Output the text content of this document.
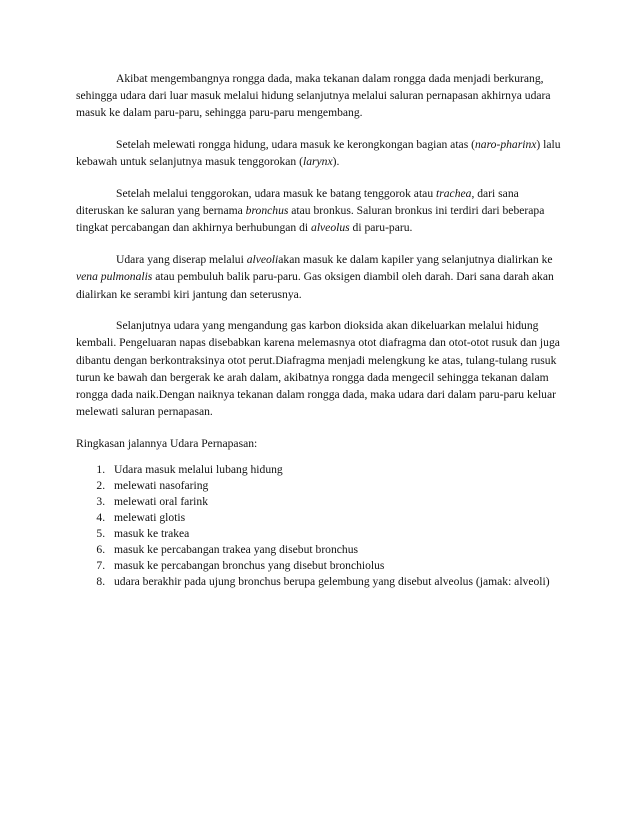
Akibat mengembangnya rongga dada, maka tekanan dalam rongga dada menjadi berkurang, sehingga udara dari luar masuk melalui hidung selanjutnya melalui saluran pernapasan akhirnya udara masuk ke dalam paru-paru, sehingga paru-paru mengembang.

Setelah melewati rongga hidung, udara masuk ke kerongkongan bagian atas (naro-pharinx) lalu kebawah untuk selanjutnya masuk tenggorokan (larynx).

Setelah melalui tenggorokan, udara masuk ke batang tenggorok atau trachea, dari sana diteruskan ke saluran yang bernama bronchus atau bronkus. Saluran bronkus ini terdiri dari beberapa tingkat percabangan dan akhirnya berhubungan di alveolus di paru-paru.

Udara yang diserap melalui alveoliakan masuk ke dalam kapiler yang selanjutnya dialirkan ke vena pulmonalis atau pembuluh balik paru-paru. Gas oksigen diambil oleh darah. Dari sana darah akan dialirkan ke serambi kiri jantung dan seterusnya.

Selanjutnya udara yang mengandung gas karbon dioksida akan dikeluarkan melalui hidung kembali. Pengeluaran napas disebabkan karena melemasnya otot diafragma dan otot-otot rusuk dan juga dibantu dengan berkontraksinya otot perut.Diafragma menjadi melengkung ke atas, tulang-tulang rusuk turun ke bawah dan bergerak ke arah dalam, akibatnya rongga dada mengecil sehingga tekanan dalam rongga dada naik.Dengan naiknya tekanan dalam rongga dada, maka udara dari dalam paru-paru keluar melewati saluran pernapasan.

Ringkasan jalannya Udara Pernapasan:

1. Udara masuk melalui lubang hidung
2. melewati nasofaring
3. melewati oral farink
4. melewati glotis
5. masuk ke trakea
6. masuk ke percabangan trakea yang disebut bronchus
7. masuk ke percabangan bronchus yang disebut bronchiolus
8. udara berakhir pada ujung bronchus berupa gelembung yang disebut alveolus (jamak: alveoli)
